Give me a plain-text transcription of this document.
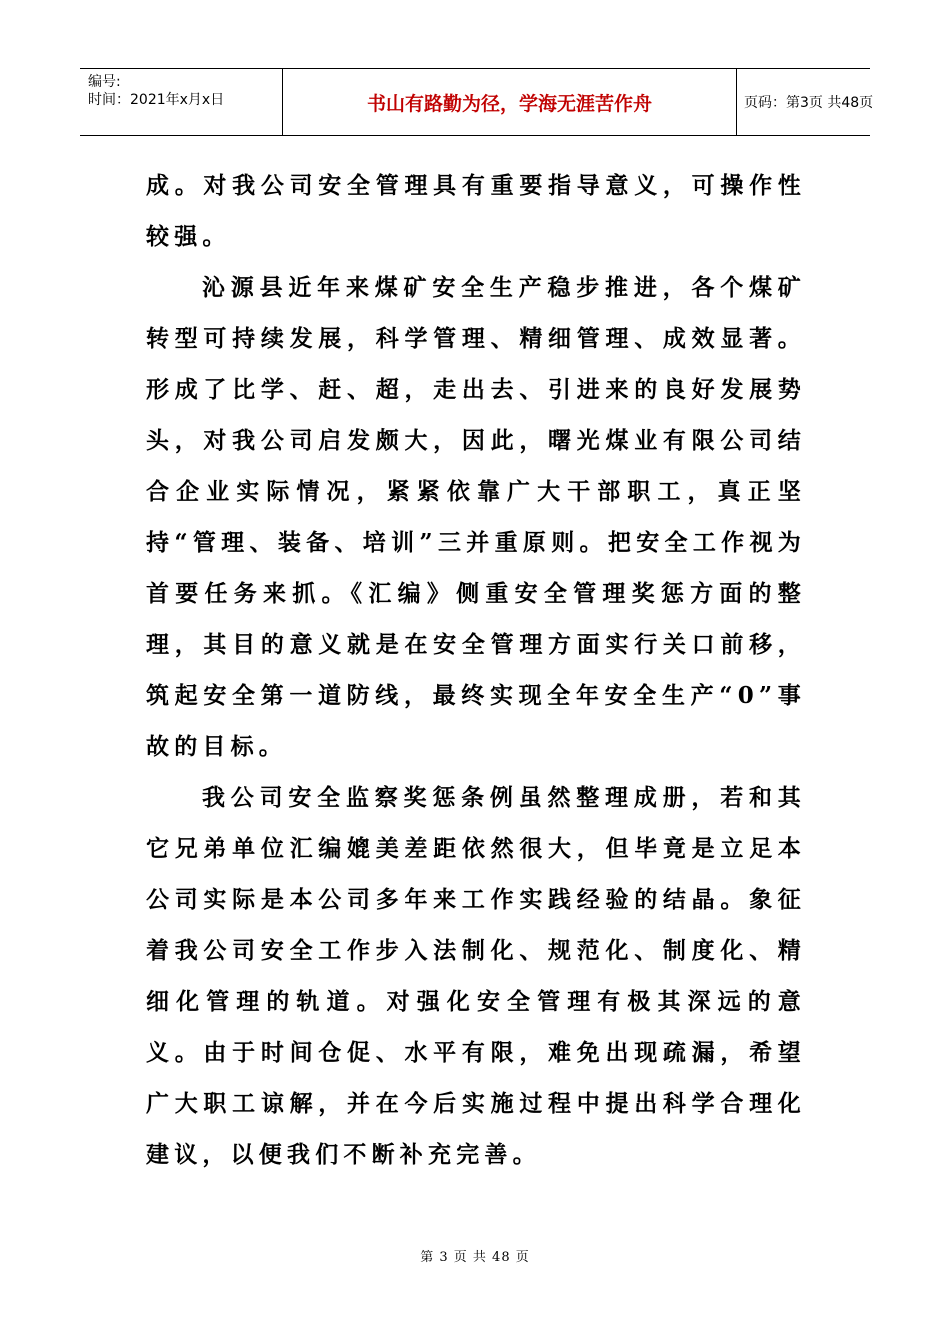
编号:
时间：2021年x月x日	书山有路勤为径，学海无涯苦作舟	页码：第3页 共48页

成。对我公司安全管理具有重要指导意义，可操作性较强。

沁源县近年来煤矿安全生产稳步推进，各个煤矿转型可持续发展，科学管理、精细管理、成效显著。形成了比学、赶、超，走出去、引进来的良好发展势头，对我公司启发颇大，因此，曙光煤业有限公司结合企业实际情况，紧紧依靠广大干部职工，真正坚持“管理、装备、培训”三并重原则。把安全工作视为首要任务来抓。《汇编》侧重安全管理奖惩方面的整理，其目的意义就是在安全管理方面实行关口前移，筑起安全第一道防线，最终实现全年安全生产“0”事故的目标。

我公司安全监察奖惩条例虽然整理成册，若和其它兄弟单位汇编媲美差距依然很大，但毕竟是立足本公司实际是本公司多年来工作实践经验的结晶。象征着我公司安全工作步入法制化、规范化、制度化、精细化管理的轨道。对强化安全管理有极其深远的意义。由于时间仓促、水平有限，难免出现疏漏，希望广大职工谅解，并在今后实施过程中提出科学合理化建议，以便我们不断补充完善。

第 3 页 共 48 页
